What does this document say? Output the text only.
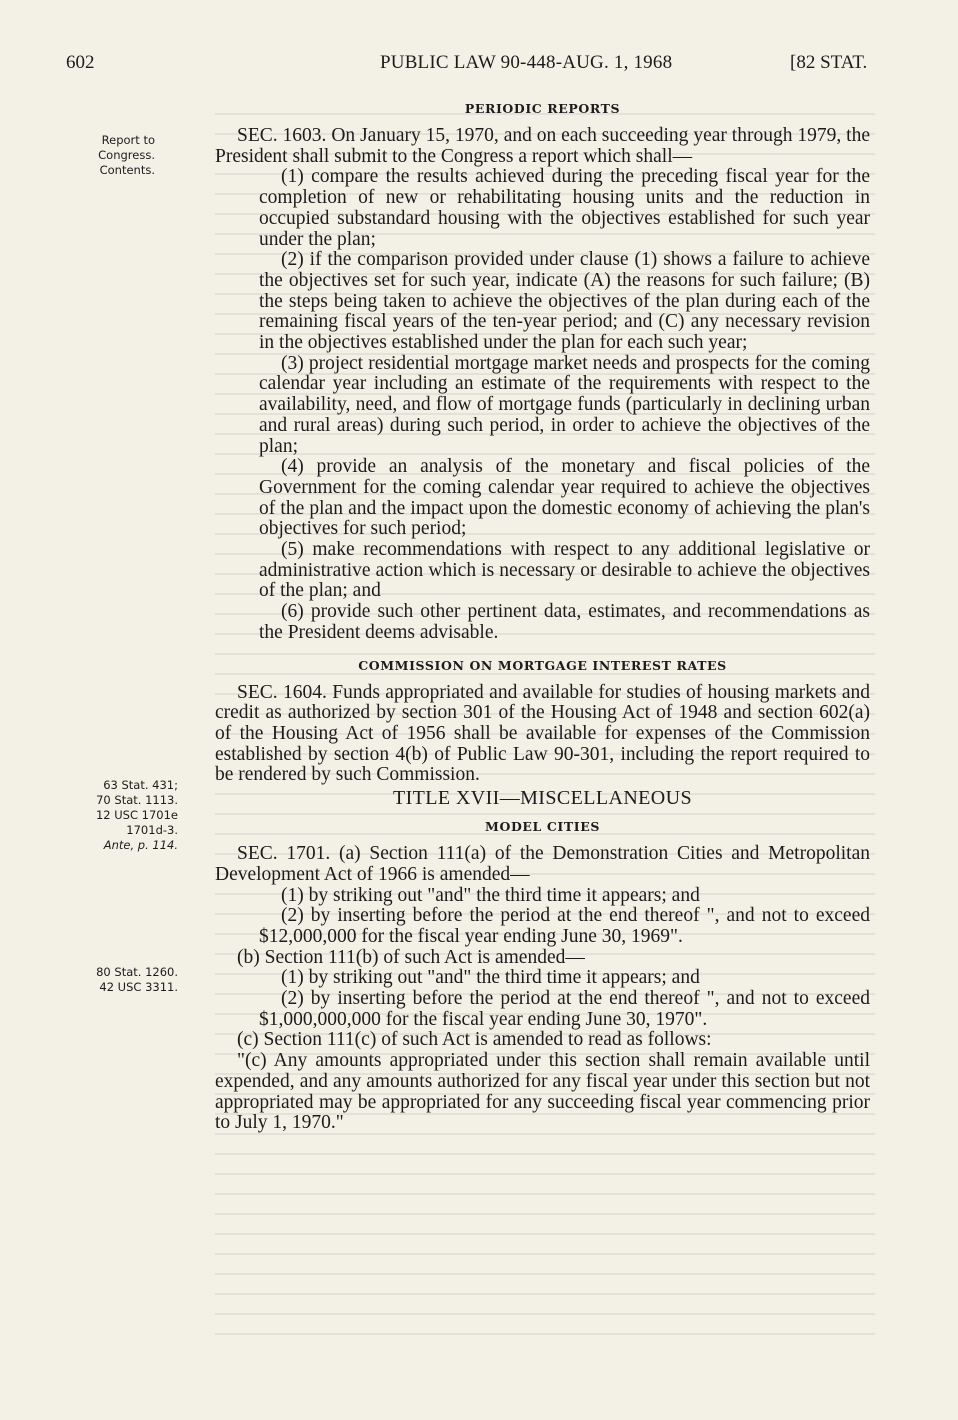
602	PUBLIC LAW 90-448-AUG. 1, 1968	[82 STAT.
Report to
Congress.
Contents.
63 Stat. 431;
70 Stat. 1113.
12 USC 1701e
1701d-3.
Ante, p. 114.
80 Stat. 1260.
42 USC 3311.
PERIODIC REPORTS

SEC. 1603. On January 15, 1970, and on each succeeding year through 1979, the President shall submit to the Congress a report which shall—

(1) compare the results achieved during the preceding fiscal year for the completion of new or rehabilitating housing units and the reduction in occupied substandard housing with the objectives established for such year under the plan;

(2) if the comparison provided under clause (1) shows a failure to achieve the objectives set for such year, indicate (A) the reasons for such failure; (B) the steps being taken to achieve the objectives of the plan during each of the remaining fiscal years of the ten-year period; and (C) any necessary revision in the objectives established under the plan for each such year;

(3) project residential mortgage market needs and prospects for the coming calendar year including an estimate of the requirements with respect to the availability, need, and flow of mortgage funds (particularly in declining urban and rural areas) during such period, in order to achieve the objectives of the plan;

(4) provide an analysis of the monetary and fiscal policies of the Government for the coming calendar year required to achieve the objectives of the plan and the impact upon the domestic economy of achieving the plan's objectives for such period;

(5) make recommendations with respect to any additional legislative or administrative action which is necessary or desirable to achieve the objectives of the plan; and

(6) provide such other pertinent data, estimates, and recommendations as the President deems advisable.

COMMISSION ON MORTGAGE INTEREST RATES

SEC. 1604. Funds appropriated and available for studies of housing markets and credit as authorized by section 301 of the Housing Act of 1948 and section 602(a) of the Housing Act of 1956 shall be available for expenses of the Commission established by section 4(b) of Public Law 90-301, including the report required to be rendered by such Commission.

TITLE XVII—MISCELLANEOUS

MODEL CITIES

SEC. 1701. (a) Section 111(a) of the Demonstration Cities and Metropolitan Development Act of 1966 is amended—

(1) by striking out "and" the third time it appears; and

(2) by inserting before the period at the end thereof ", and not to exceed $12,000,000 for the fiscal year ending June 30, 1969".

(b) Section 111(b) of such Act is amended—

(1) by striking out "and" the third time it appears; and

(2) by inserting before the period at the end thereof ", and not to exceed $1,000,000,000 for the fiscal year ending June 30, 1970".

(c) Section 111(c) of such Act is amended to read as follows:

"(c) Any amounts appropriated under this section shall remain available until expended, and any amounts authorized for any fiscal year under this section but not appropriated may be appropriated for any succeeding fiscal year commencing prior to July 1, 1970."
